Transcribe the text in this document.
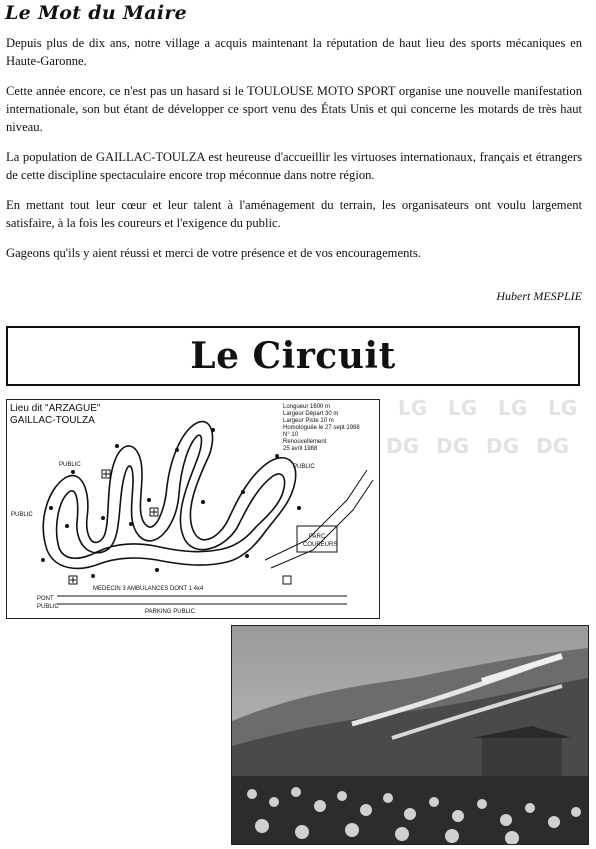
Le Mot du Maire

Depuis plus de dix ans, notre village a acquis maintenant la réputation de haut lieu des sports mécaniques en Haute-Garonne.

Cette année encore, ce n'est pas un hasard si le TOULOUSE MOTO SPORT organise une nouvelle manifestation internationale, son but étant de développer ce sport venu des États Unis et qui concerne les motards de très haut niveau.

La population de GAILLAC-TOULZA est heureuse d'accueillir les virtuoses internationaux, français et étrangers de cette discipline spectaculaire encore trop méconnue dans notre région.

En mettant tout leur cœur et leur talent à l'aménagement du terrain, les organisateurs ont voulu largement satisfaire, à la fois les coureurs et l'exigence du public.

Gageons qu'ils y aient réussi et merci de votre présence et de vos encouragements.

Hubert MESPLIE
Le Circuit
LG LG LG LG
DG DG DG DG
Lieu dit "ARZAGUE"
GAILLAC-TOULZA
Longueur 1600 m
Largeur Départ 30 m
Largeur Piste 10 m
Homologuée le 27 sept 1988
N° 10
Renouvellement
25 avril 1988
PUBLIC
PUBLIC
PUBLIC
PARC
COUREURS
PONT
PUBLIC
MEDECIN 3 AMBULANCES DONT 1 4x4
PARKING PUBLIC
